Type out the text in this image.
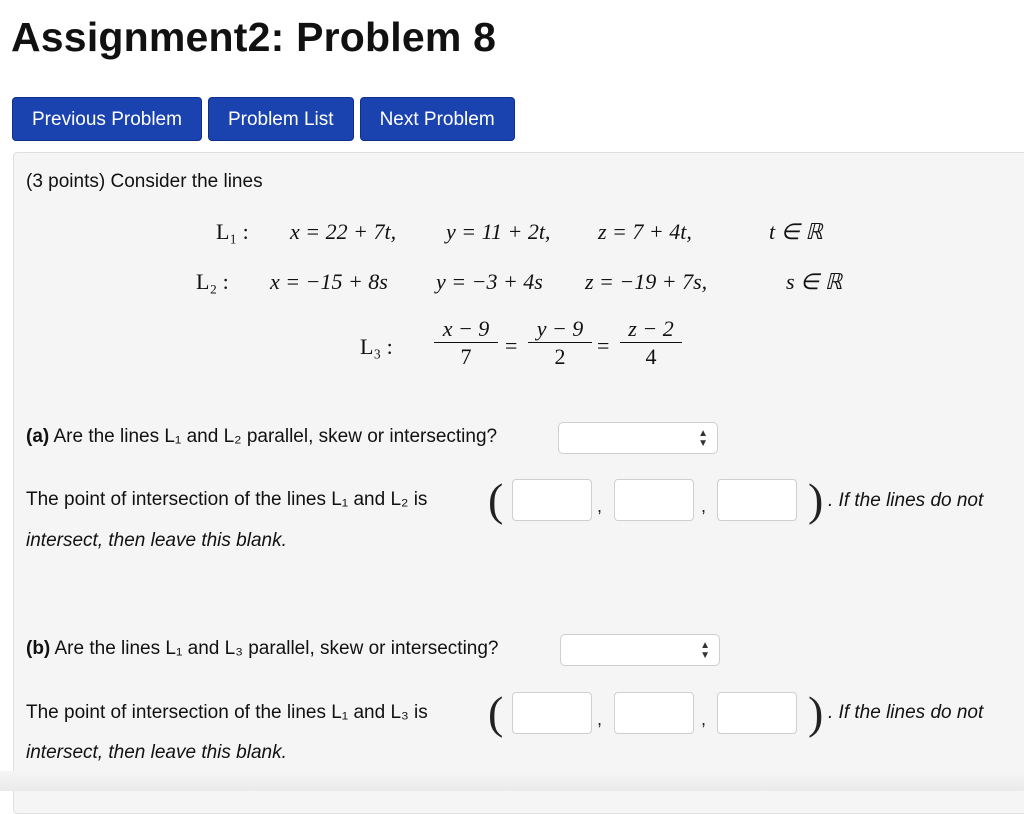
Assignment2: Problem 8
Previous Problem	Problem List	Next Problem
(3 points) Consider the lines
L₁ : x = 22 + 7t, y = 11 + 2t, z = 7 + 4t,	t ∈ ℝ
L₂ : x = −15 + 8s y = −3 + 4s z = −19 + 7s,	s ∈ ℝ
L₃ : $\frac{x - 9}{7} = \frac{y - 9}{2} = \frac{z - 2}{4}$
(a) Are the lines L₁ and L₂ parallel, skew or intersecting?	▲
▼
The point of intersection of the lines L₁ and L₂ is (	,	, ) . If the lines do not
intersect, then leave this blank.
(b) Are the lines L₁ and L₃ parallel, skew or intersecting?	▲
▼
The point of intersection of the lines L₁ and L₃ is (	,	, ) . If the lines do not
intersect, then leave this blank.
